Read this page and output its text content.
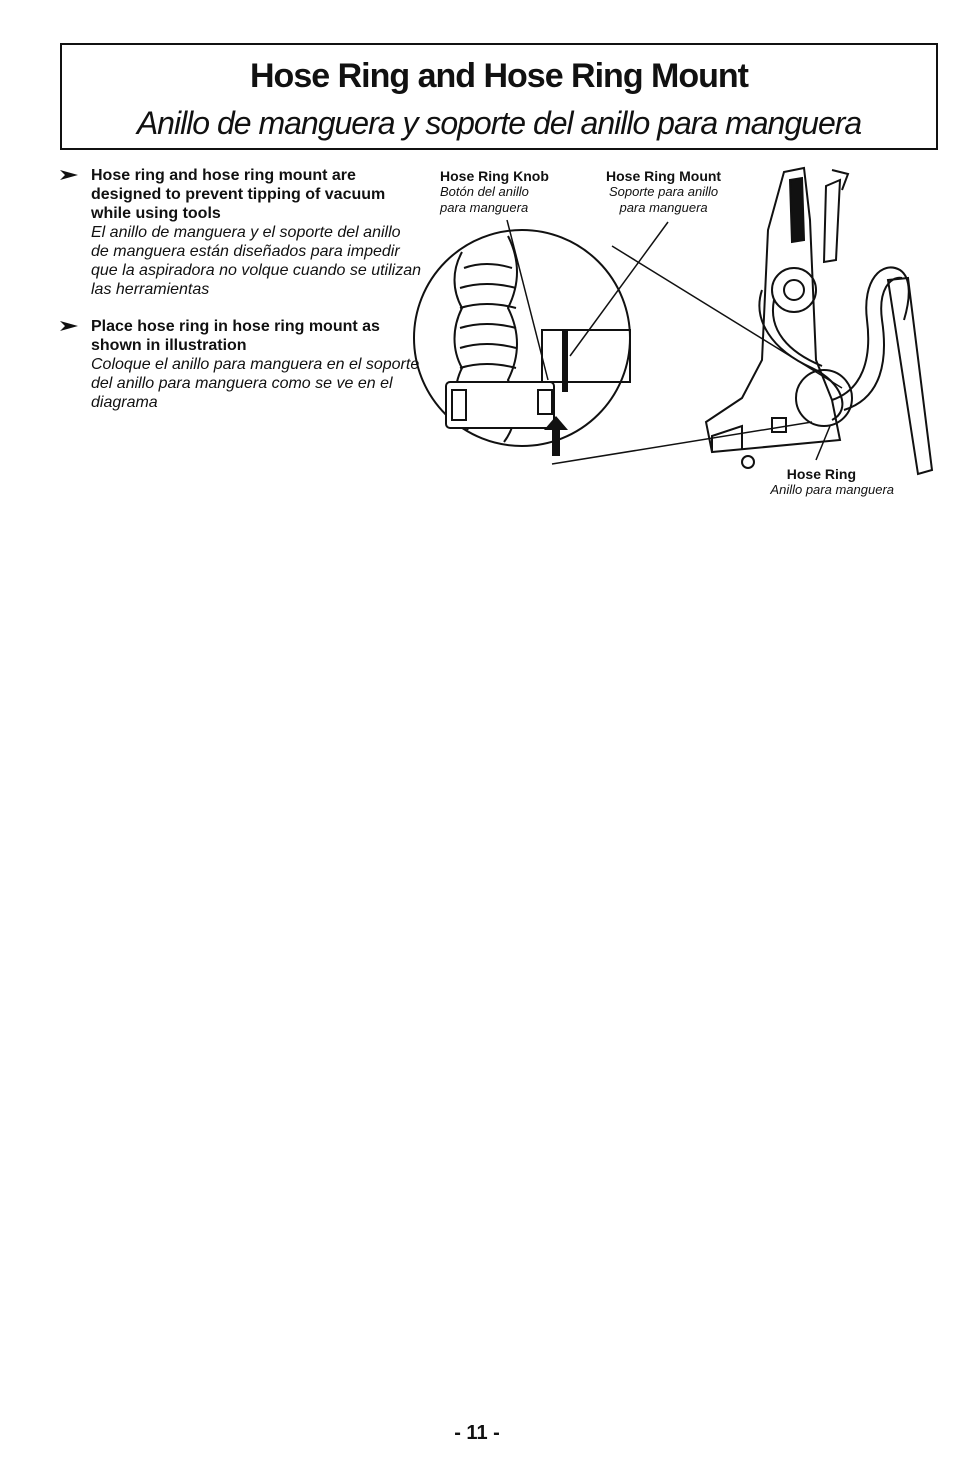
Hose Ring and Hose Ring Mount
Anillo de manguera y soporte del anillo para manguera
Hose ring and hose ring mount are designed to prevent tipping of vacuum while using tools
El anillo de manguera y el soporte del anillo de manguera están diseñados para impedir que la aspiradora no volque cuando se utilizan las herramientas
Place hose ring in hose ring mount as shown in illustration
Coloque el anillo para manguera en el soporte del anillo para manguera como se ve en el diagrama
Hose Ring Knob
Botón del anillo
para manguera
Hose Ring Mount
Soporte para anillo
para manguera
Hose Ring
Anillo para manguera
- 11 -
